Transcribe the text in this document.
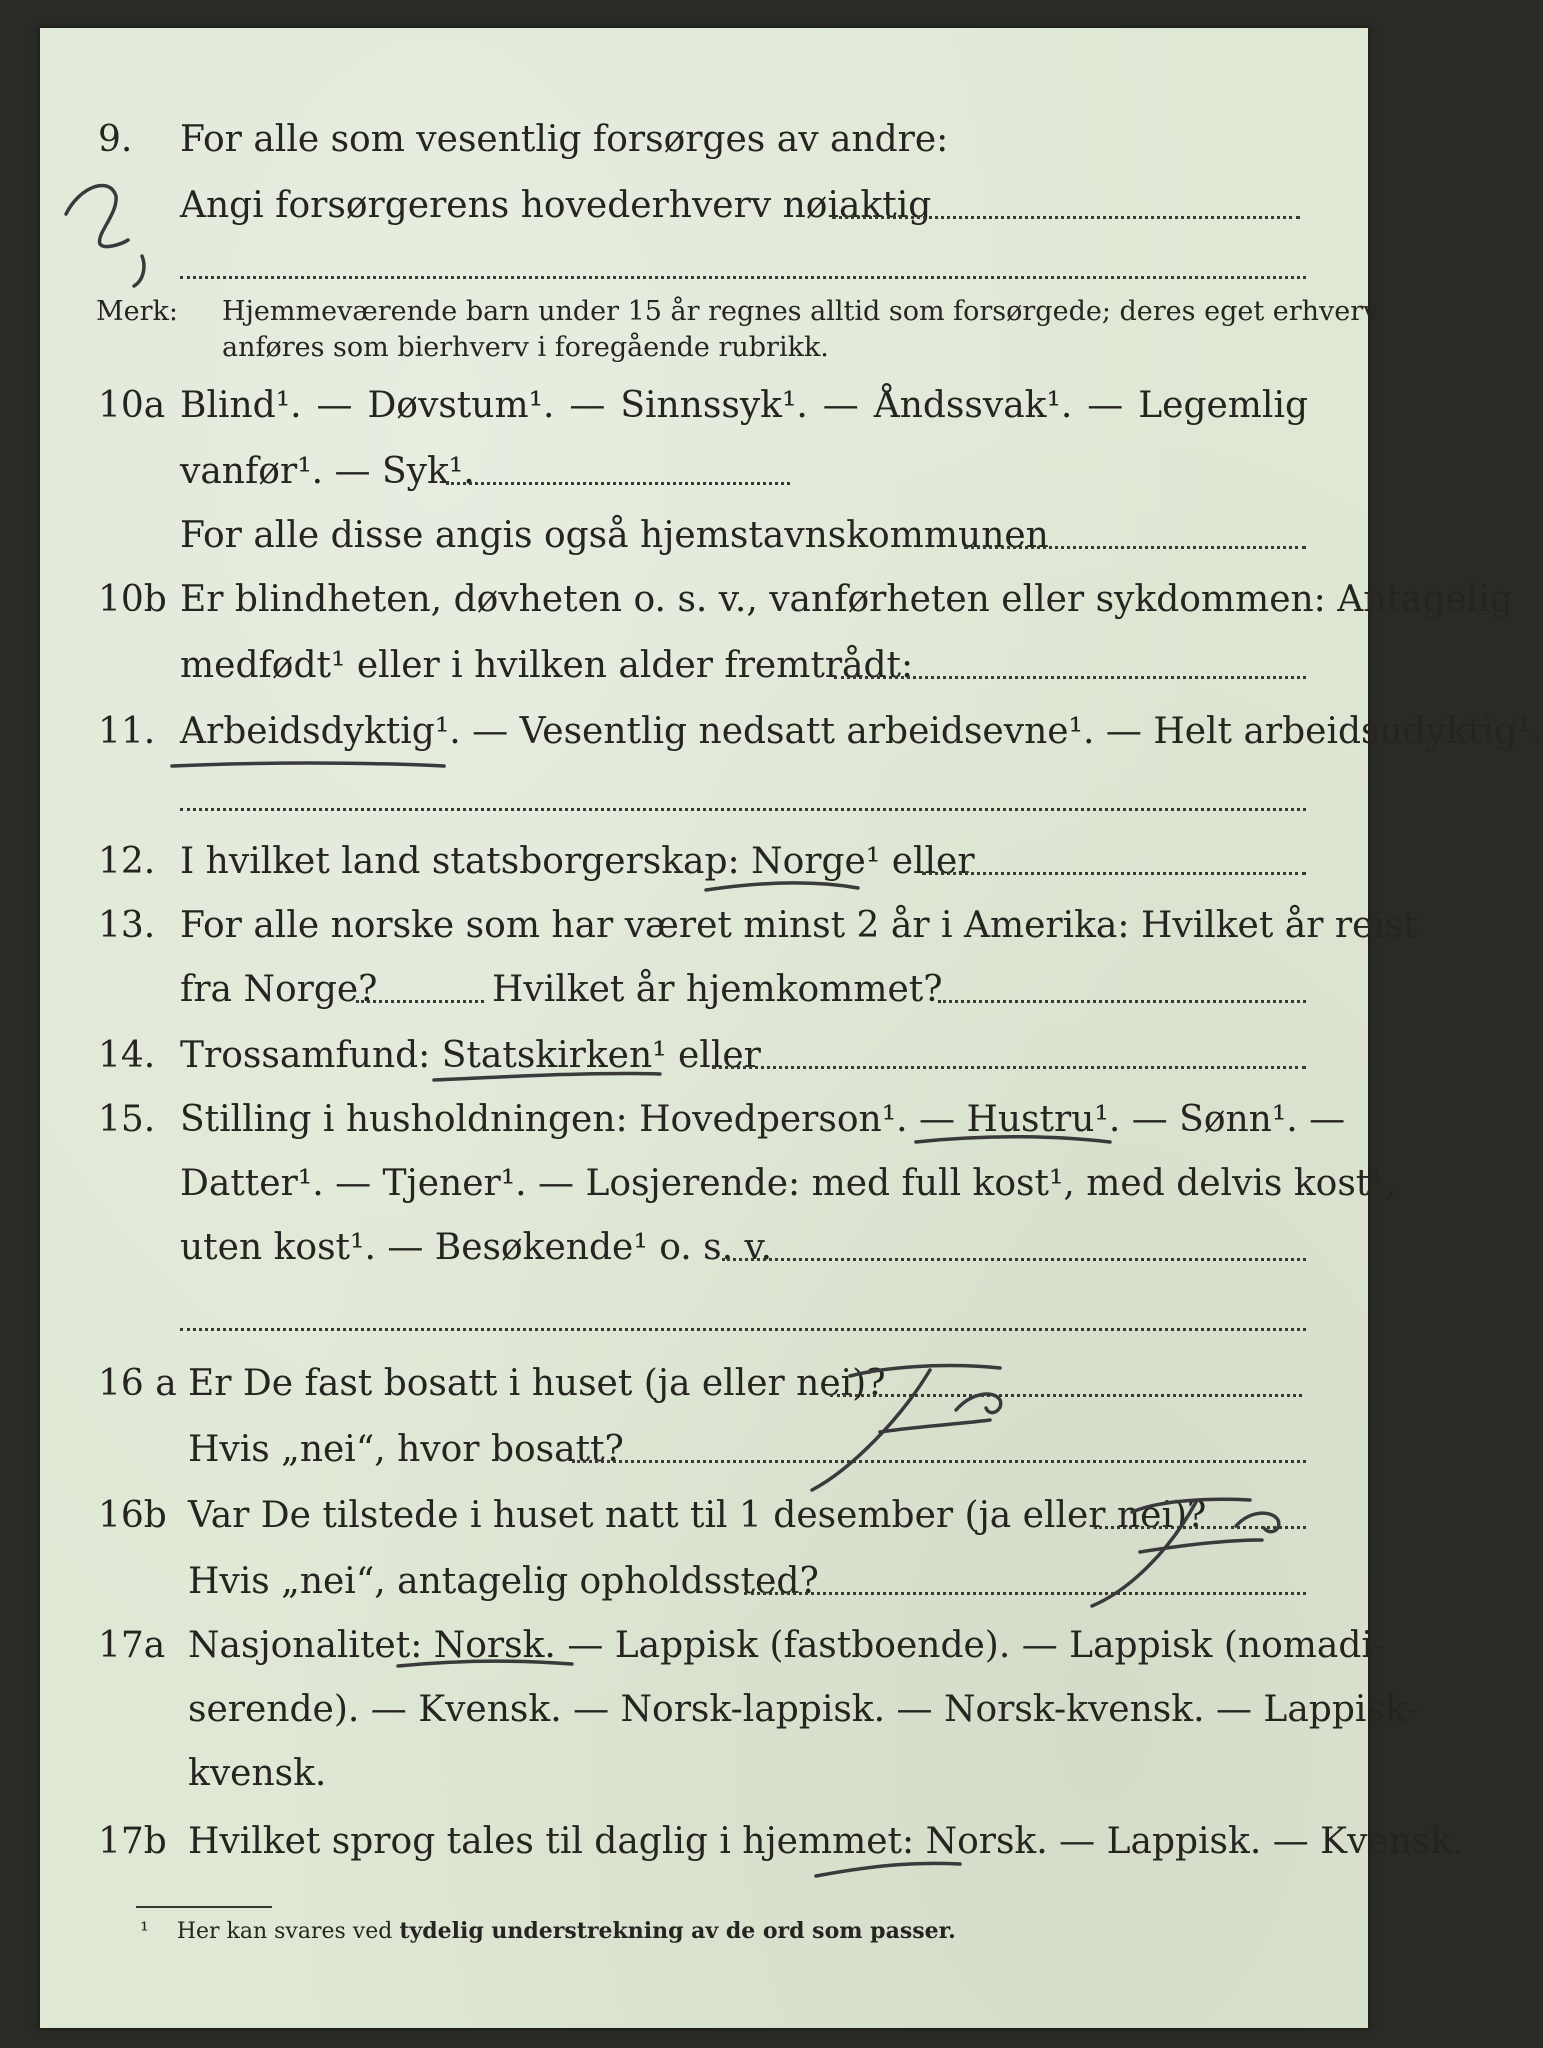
9. For alle som vesentlig forsørges av andre:
Angi forsørgerens hovederhverv nøiaktig
Merk: Hjemmeværende barn under 15 år regnes alltid som forsørgede; deres eget erhverv
anføres som bierhverv i foregående rubrikk.
10a Blind¹. — Døvstum¹. — Sinnssyk¹. — Åndssvak¹. — Legemlig
vanfør¹. — Syk¹.
For alle disse angis også hjemstavnskommunen
10b Er blindheten, døvheten o. s. v., vanførheten eller sykdommen: Antagelig
medfødt¹ eller i hvilken alder fremtrådt:
11. Arbeidsdyktig¹. — Vesentlig nedsatt arbeidsevne¹. — Helt arbeidsudyktig¹.
12. I hvilket land statsborgerskap: Norge¹ eller
13. For alle norske som har været minst 2 år i Amerika: Hvilket år reist
fra Norge?	Hvilket år hjemkommet?
14. Trossamfund: Statskirken¹ eller
15. Stilling i husholdningen: Hovedperson¹. — Hustru¹. — Sønn¹. —
Datter¹. — Tjener¹. — Losjerende: med full kost¹, med delvis kost¹,
uten kost¹. — Besøkende¹ o. s. v.
16 a Er De fast bosatt i huset (ja eller nei)?
Hvis „nei“, hvor bosatt?
16b Var De tilstede i huset natt til 1 desember (ja eller nei)?
Hvis „nei“, antagelig opholdssted?
17a Nasjonalitet: Norsk. — Lappisk (fastboende). — Lappisk (nomadi-
serende). — Kvensk. — Norsk-lappisk. — Norsk-kvensk. — Lappisk-
kvensk.
17b Hvilket sprog tales til daglig i hjemmet: Norsk. — Lappisk. — Kvensk.
¹ Her kan svares ved tydelig understrekning av de ord som passer.
